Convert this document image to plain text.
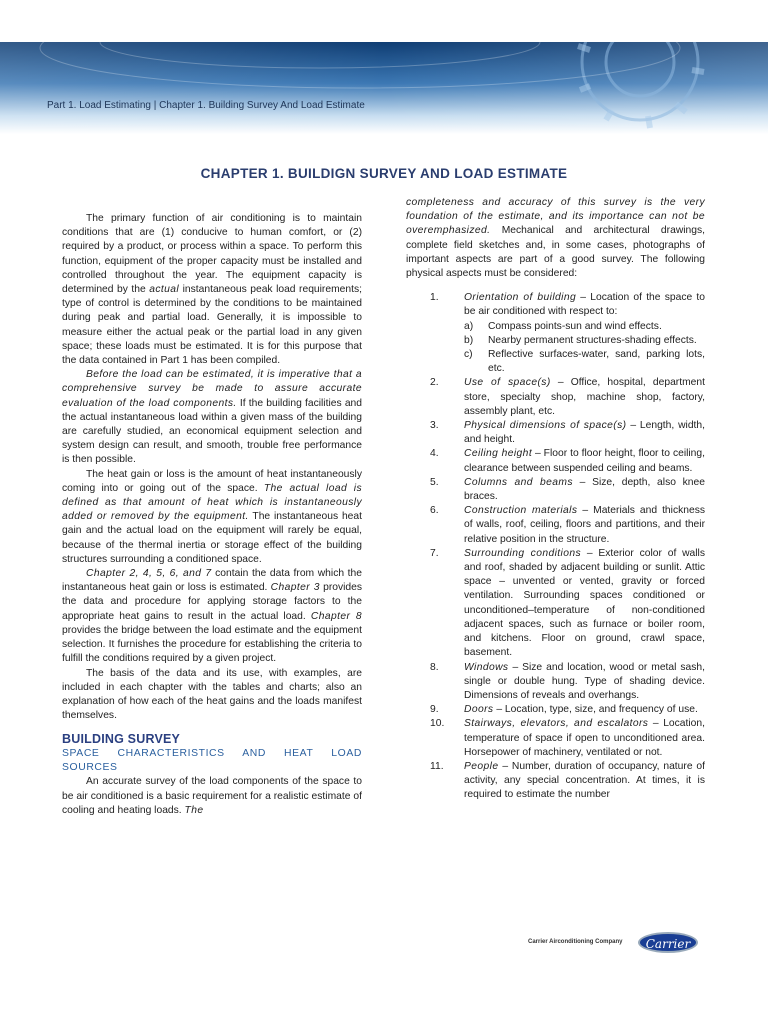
Part 1. Load Estimating | Chapter 1. Building Survey And Load Estimate
CHAPTER 1. BUILDIGN SURVEY AND LOAD ESTIMATE

The primary function of air conditioning is to maintain conditions that are (1) conducive to human comfort, or (2) required by a product, or process within a space. To perform this function, equipment of the proper capacity must be installed and controlled throughout the year. The equipment capacity is determined by the actual instantaneous peak load requirements; type of control is determined by the conditions to be maintained during peak and partial load. Generally, it is impossible to measure either the actual peak or the partial load in any given space; these loads must be estimated. It is for this purpose that the data contained in Part 1 has been compiled.

Before the load can be estimated, it is imperative that a comprehensive survey be made to assure accurate evaluation of the load components. If the building facilities and the actual instantaneous load within a given mass of the building are carefully studied, an economical equipment selection and system design can result, and smooth, trouble free performance is then possible.

The heat gain or loss is the amount of heat instantaneously coming into or going out of the space. The actual load is defined as that amount of heat which is instantaneously added or removed by the equipment. The instantaneous heat gain and the actual load on the equipment will rarely be equal, because of the thermal inertia or storage effect of the building structures surrounding a conditioned space.

Chapter 2, 4, 5, 6, and 7 contain the data from which the instantaneous heat gain or loss is estimated. Chapter 3 provides the data and procedure for applying storage factors to the appropriate heat gains to result in the actual load. Chapter 8 provides the bridge between the load estimate and the equipment selection. It furnishes the procedure for establishing the criteria to fulfill the conditions required by a given project.

The basis of the data and its use, with examples, are included in each chapter with the tables and charts; also an explanation of how each of the heat gains and the loads manifest themselves.

BUILDING SURVEY
SPACE CHARACTERISTICS AND HEAT LOAD SOURCES

An accurate survey of the load components of the space to be air conditioned is a basic requirement for a realistic estimate of cooling and heating loads. The

completeness and accuracy of this survey is the very foundation of the estimate, and its importance can not be overemphasized. Mechanical and architectural drawings, complete field sketches and, in some cases, photographs of important aspects are part of a good survey. The following physical aspects must be considered:

1. Orientation of building – Location of the space to be air conditioned with respect to:
a) Compass points-sun and wind effects.
b) Nearby permanent structures-shading effects.
c) Reflective surfaces-water, sand, parking lots, etc.
2. Use of space(s) – Office, hospital, department store, specialty shop, machine shop, factory, assembly plant, etc.
3. Physical dimensions of space(s) – Length, width, and height.
4. Ceiling height – Floor to floor height, floor to ceiling, clearance between suspended ceiling and beams.
5. Columns and beams – Size, depth, also knee braces.
6. Construction materials – Materials and thickness of walls, roof, ceiling, floors and partitions, and their relative position in the structure.
7. Surrounding conditions – Exterior color of walls and roof, shaded by adjacent building or sunlit. Attic space – unvented or vented, gravity or forced ventilation. Surrounding spaces conditioned or unconditioned–temperature of non-conditioned adjacent spaces, such as furnace or boiler room, and kitchens. Floor on ground, crawl space, basement.
8. Windows – Size and location, wood or metal sash, single or double hung. Type of shading device. Dimensions of reveals and overhangs.
9. Doors – Location, type, size, and frequency of use.
10. Stairways, elevators, and escalators – Location, temperature of space if open to unconditioned area. Horsepower of machinery, ventilated or not.
11. People – Number, duration of occupancy, nature of activity, any special concentration. At times, it is required to estimate the number
Carrier Airconditioning Company	Carrier
